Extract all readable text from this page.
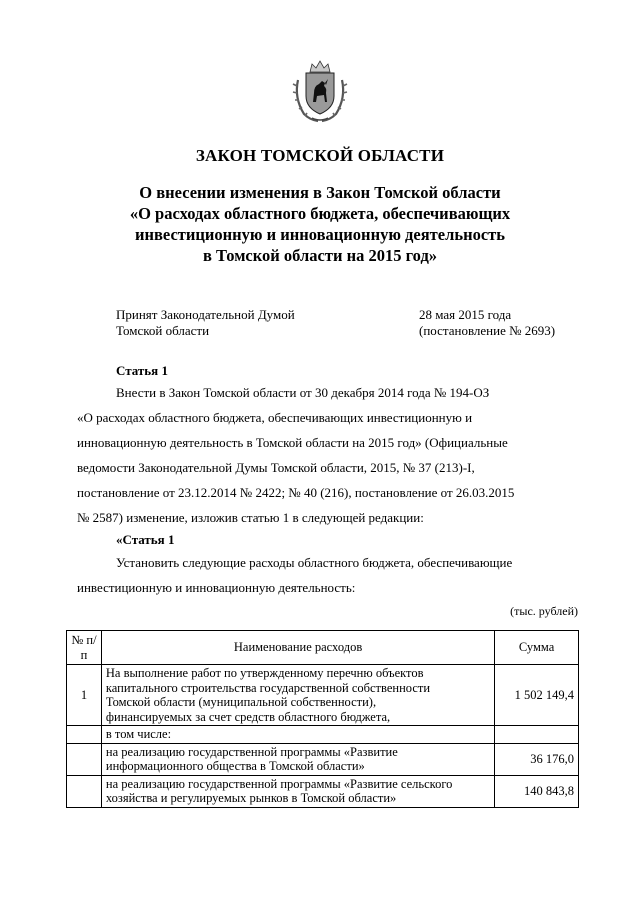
ЗАКОН ТОМСКОЙ ОБЛАСТИ
О внесении изменения в Закон Томской области
«О расходах областного бюджета, обеспечивающих
инвестиционную и инновационную деятельность
в Томской области на 2015 год»
Принят Законодательной Думой
Томской области
28 мая 2015 года
(постановление № 2693)
Статья 1
Внести в Закон Томской области от 30 декабря 2014 года № 194-ОЗ
«О расходах областного бюджета, обеспечивающих инвестиционную и
инновационную деятельность в Томской области на 2015 год» (Официальные
ведомости Законодательной Думы Томской области, 2015, № 37 (213)-I,
постановление от 23.12.2014 № 2422; № 40 (216), постановление от 26.03.2015
№ 2587) изменение, изложив статью 1 в следующей редакции:
«Статья 1
Установить следующие расходы областного бюджета, обеспечивающие
инвестиционную и инновационную деятельность:
(тыс. рублей)
№ п/п	Наименование расходов	Сумма
1	На выполнение работ по утвержденному перечню объектов
капитального строительства государственной собственности
Томской области (муниципальной собственности),
финансируемых за счет средств областного бюджета,	1 502 149,4

	в том числе:	

	на реализацию государственной программы «Развитие
информационного общества в Томской области»	36 176,0

	на реализацию государственной программы «Развитие сельского
хозяйства и регулируемых рынков в Томской области»	140 843,8
